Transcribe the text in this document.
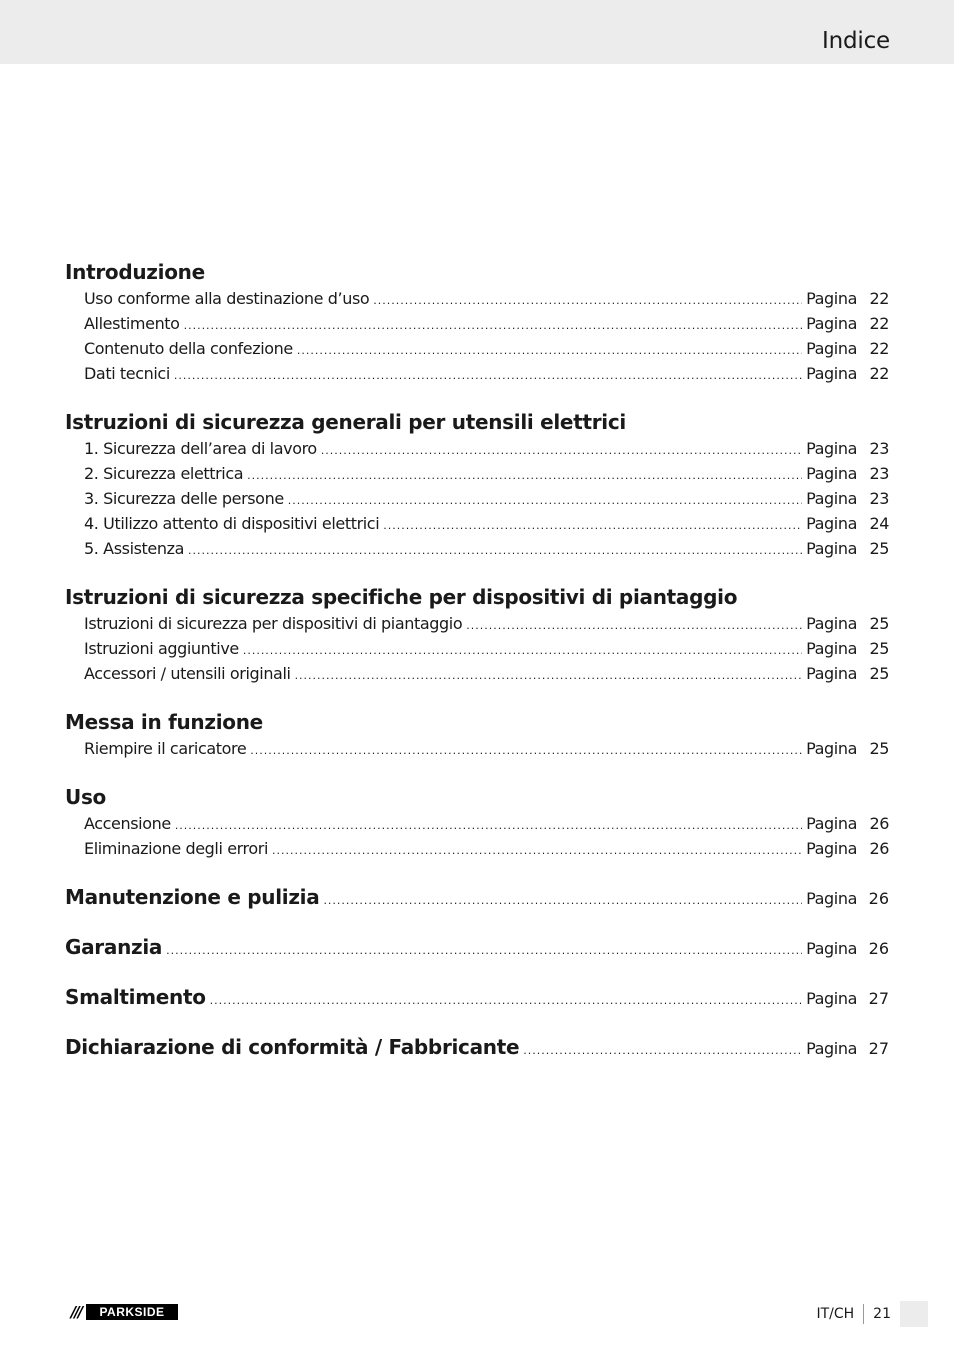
Indice
Introduzione
Uso conforme alla destinazione d’uso .....	Pagina 22
Allestimento .....	Pagina 22
Contenuto della confezione .....	Pagina 22
Dati tecnici .....	Pagina 22
Istruzioni di sicurezza generali per utensili elettrici
1. Sicurezza dell’area di lavoro .....	Pagina 23
2. Sicurezza elettrica .....	Pagina 23
3. Sicurezza delle persone .....	Pagina 23
4. Utilizzo attento di dispositivi elettrici .....	Pagina 24
5. Assistenza .....	Pagina 25
Istruzioni di sicurezza specifiche per dispositivi di piantaggio
Istruzioni di sicurezza per dispositivi di piantaggio .....	Pagina 25
Istruzioni aggiuntive .....	Pagina 25
Accessori / utensili originali .....	Pagina 25
Messa in funzione
Riempire il caricatore .....	Pagina 25
Uso
Accensione .....	Pagina 26
Eliminazione degli errori .....	Pagina 26
Manutenzione e pulizia .....	Pagina 26
Garanzia .....	Pagina 26
Smaltimento .....	Pagina 27
Dichiarazione di conformità / Fabbricante .....	Pagina 27
///	PARKSIDE	IT/CH	21
